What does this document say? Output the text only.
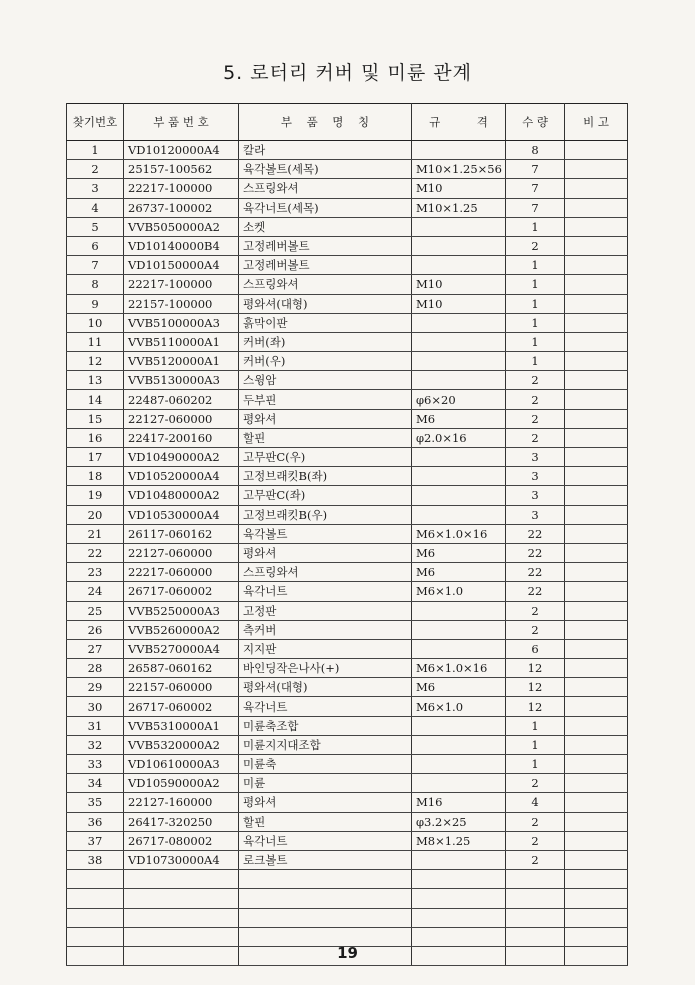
5. 로터리 커버 및 미륜 관계
찾기번호	부 품 번 호	부    품    명    칭	규          격	수 량	비 고
1	VD10120000A4	칼라		8	
2	25157-100562	육각볼트(세목)	M10×1.25×56	7	
3	22217-100000	스프링와셔	M10	7	
4	26737-100002	육각너트(세목)	M10×1.25	7	
5	VVB5050000A2	소켓		1	
6	VD10140000B4	고정레버볼트		2	
7	VD10150000A4	고정레버볼트		1	
8	22217-100000	스프링와셔	M10	1	
9	22157-100000	평와셔(대형)	M10	1	
10	VVB5100000A3	흙막이판		1	
11	VVB5110000A1	커버(좌)		1	
12	VVB5120000A1	커버(우)		1	
13	VVB5130000A3	스윙암		2	
14	22487-060202	두부핀	φ6×20	2	
15	22127-060000	평와셔	M6	2	
16	22417-200160	할핀	φ2.0×16	2	
17	VD10490000A2	고무판C(우)		3	
18	VD10520000A4	고정브래킷B(좌)		3	
19	VD10480000A2	고무판C(좌)		3	
20	VD10530000A4	고정브래킷B(우)		3	
21	26117-060162	육각볼트	M6×1.0×16	22	
22	22127-060000	평와셔	M6	22	
23	22217-060000	스프링와셔	M6	22	
24	26717-060002	육각너트	M6×1.0	22	
25	VVB5250000A3	고정판		2	
26	VVB5260000A2	측커버		2	
27	VVB5270000A4	지지판		6	
28	26587-060162	바인딩작은나사(+)	M6×1.0×16	12	
29	22157-060000	평와셔(대형)	M6	12	
30	26717-060002	육각너트	M6×1.0	12	
31	VVB5310000A1	미륜축조합		1	
32	VVB5320000A2	미륜지지대조합		1	
33	VD10610000A3	미륜축		1	
34	VD10590000A2	미륜		2	
35	22127-160000	평와셔	M16	4	
36	26417-320250	할핀	φ3.2×25	2	
37	26717-080002	육각너트	M8×1.25	2	
38	VD10730000A4	로크볼트		2	

19
